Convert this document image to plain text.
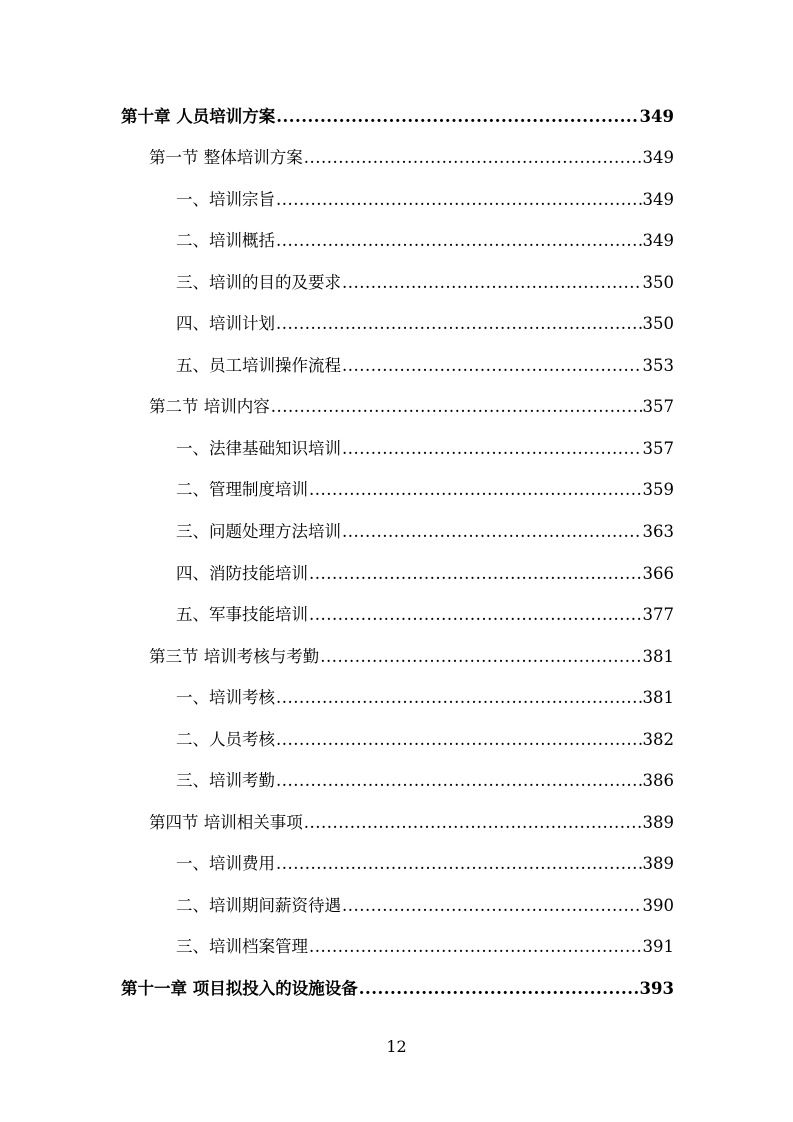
第十章 人员培训方案 .....	349
第一节 整体培训方案 .....	349
一、培训宗旨 .....	349
二、培训概括 .....	349
三、培训的目的及要求 .....	350
四、培训计划 .....	350
五、员工培训操作流程 .....	353
第二节 培训内容 .....	357
一、法律基础知识培训 .....	357
二、管理制度培训 .....	359
三、问题处理方法培训 .....	363
四、消防技能培训 .....	366
五、军事技能培训 .....	377
第三节 培训考核与考勤 .....	381
一、培训考核 .....	381
二、人员考核 .....	382
三、培训考勤 .....	386
第四节 培训相关事项 .....	389
一、培训费用 .....	389
二、培训期间薪资待遇 .....	390
三、培训档案管理 .....	391
第十一章 项目拟投入的设施设备 .....	393
12
